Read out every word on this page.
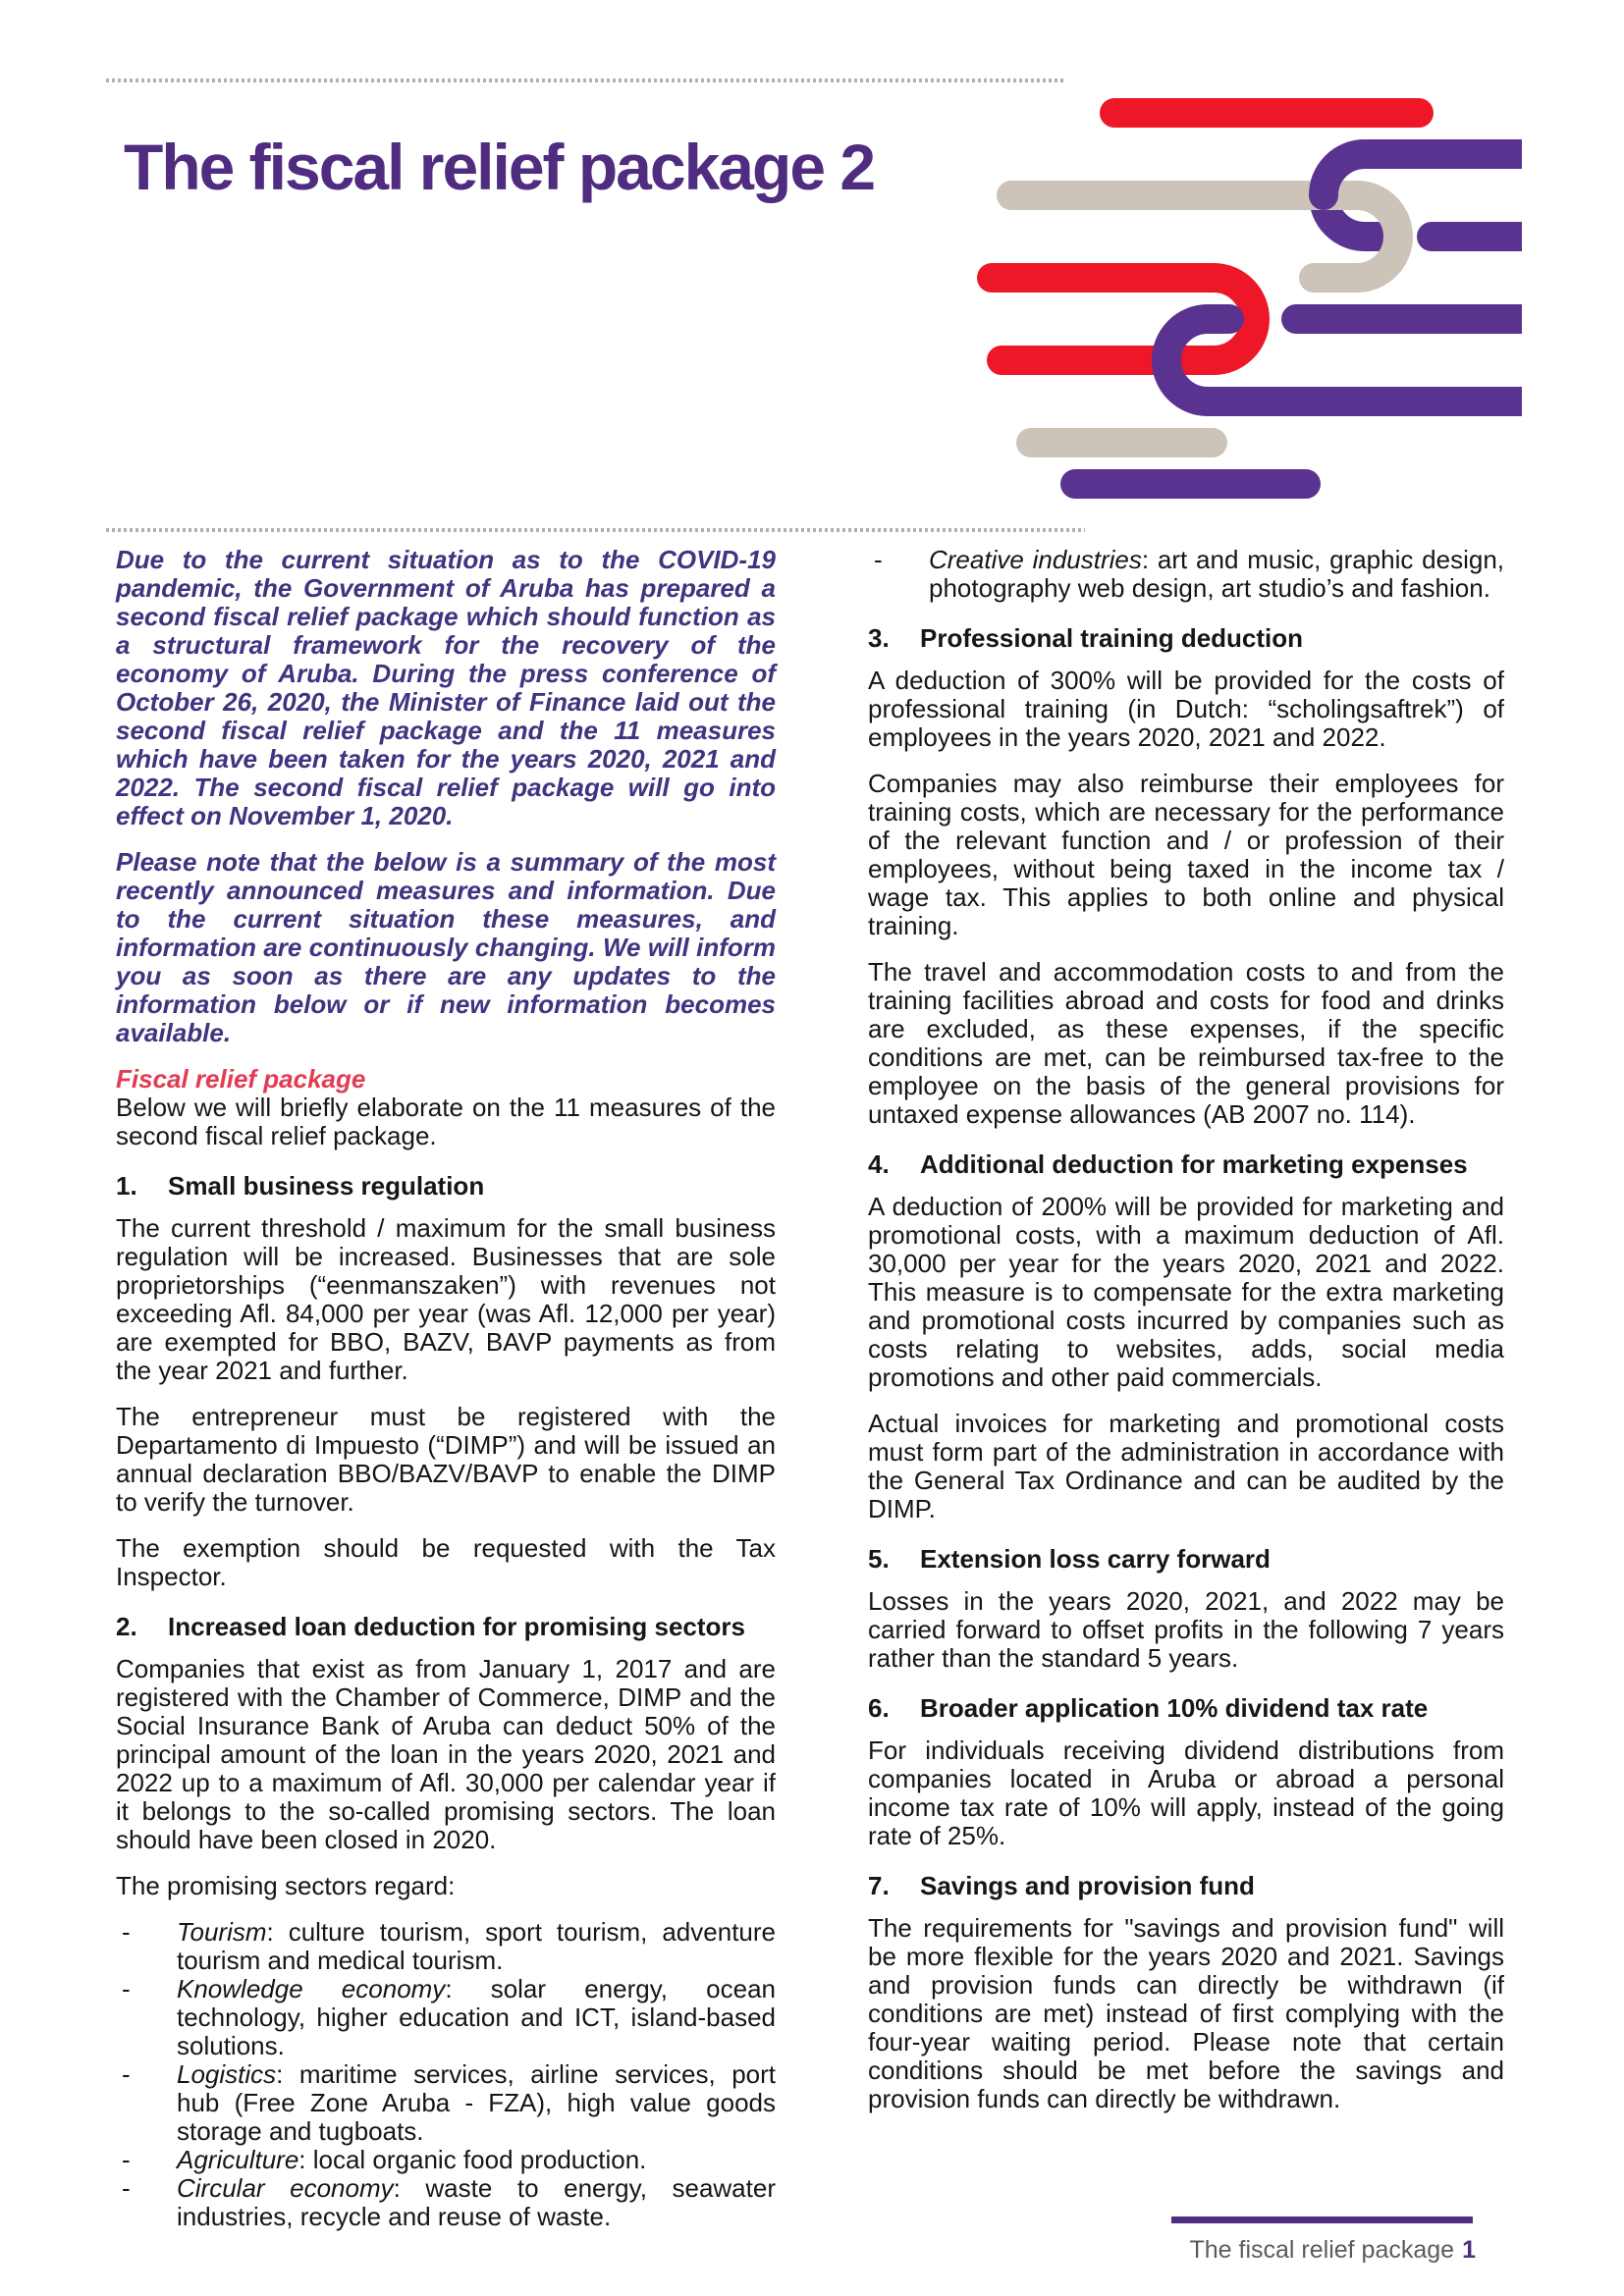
The fiscal relief package 2
Due to the current situation as to the COVID-19 pandemic, the Government of Aruba has prepared a second fiscal relief package which should function as a structural framework for the recovery of the economy of Aruba. During the press conference of October 26, 2020, the Minister of Finance laid out the second fiscal relief package and the 11 measures which have been taken for the years 2020, 2021 and 2022. The second fiscal relief package will go into effect on November 1, 2020.
Please note that the below is a summary of the most recently announced measures and information. Due to the current situation these measures, and information are continuously changing. We will inform you as soon as there are any updates to the information below or if new information becomes available.
Fiscal relief package
Below we will briefly elaborate on the 11 measures of the second fiscal relief package.
1.	Small business regulation
The current threshold / maximum for the small business regulation will be increased. Businesses that are sole proprietorships (“eenmanszaken”) with revenues not exceeding Afl. 84,000 per year (was Afl. 12,000 per year) are exempted for BBO, BAZV, BAVP payments as from the year 2021 and further.
The entrepreneur must be registered with the Departamento di Impuesto (“DIMP”) and will be issued an annual declaration BBO/BAZV/BAVP to enable the DIMP to verify the turnover.
The exemption should be requested with the Tax Inspector.
2.	Increased loan deduction for promising sectors
Companies that exist as from January 1, 2017 and are registered with the Chamber of Commerce, DIMP and the Social Insurance Bank of Aruba can deduct 50% of the principal amount of the loan in the years 2020, 2021 and 2022 up to a maximum of Afl. 30,000 per calendar year if it belongs to the so-called promising sectors. The loan should have been closed in 2020.
The promising sectors regard:
- Tourism: culture tourism, sport tourism, adventure tourism and medical tourism.
- Knowledge economy: solar energy, ocean technology, higher education and ICT, island-based solutions.
- Logistics: maritime services, airline services, port hub (Free Zone Aruba - FZA), high value goods storage and tugboats.
- Agriculture: local organic food production.
- Circular economy: waste to energy, seawater industries, recycle and reuse of waste.
- Creative industries: art and music, graphic design, photography web design, art studio’s and fashion.
3.	Professional training deduction
A deduction of 300% will be provided for the costs of professional training (in Dutch: “scholingsaftrek”) of employees in the years 2020, 2021 and 2022.
Companies may also reimburse their employees for training costs, which are necessary for the performance of the relevant function and / or profession of their employees, without being taxed in the income tax / wage tax. This applies to both online and physical training.
The travel and accommodation costs to and from the training facilities abroad and costs for food and drinks are excluded, as these expenses, if the specific conditions are met, can be reimbursed tax-free to the employee on the basis of the general provisions for untaxed expense allowances (AB 2007 no. 114).
4.	Additional deduction for marketing expenses
A deduction of 200% will be provided for marketing and promotional costs, with a maximum deduction of Afl. 30,000 per year for the years 2020, 2021 and 2022. This measure is to compensate for the extra marketing and promotional costs incurred by companies such as costs relating to websites, adds, social media promotions and other paid commercials.
Actual invoices for marketing and promotional costs must form part of the administration in accordance with the General Tax Ordinance and can be audited by the DIMP.
5.	Extension loss carry forward
Losses in the years 2020, 2021, and 2022 may be carried forward to offset profits in the following 7 years rather than the standard 5 years.
6.	Broader application 10% dividend tax rate
For individuals receiving dividend distributions from companies located in Aruba or abroad a personal income tax rate of 10% will apply, instead of the going rate of 25%.
7.	Savings and provision fund
The requirements for "savings and provision fund" will be more flexible for the years 2020 and 2021. Savings and provision funds can directly be withdrawn (if conditions are met) instead of first complying with the four-year waiting period. Please note that certain conditions should be met before the savings and provision funds can directly be withdrawn.
The fiscal relief package 1
